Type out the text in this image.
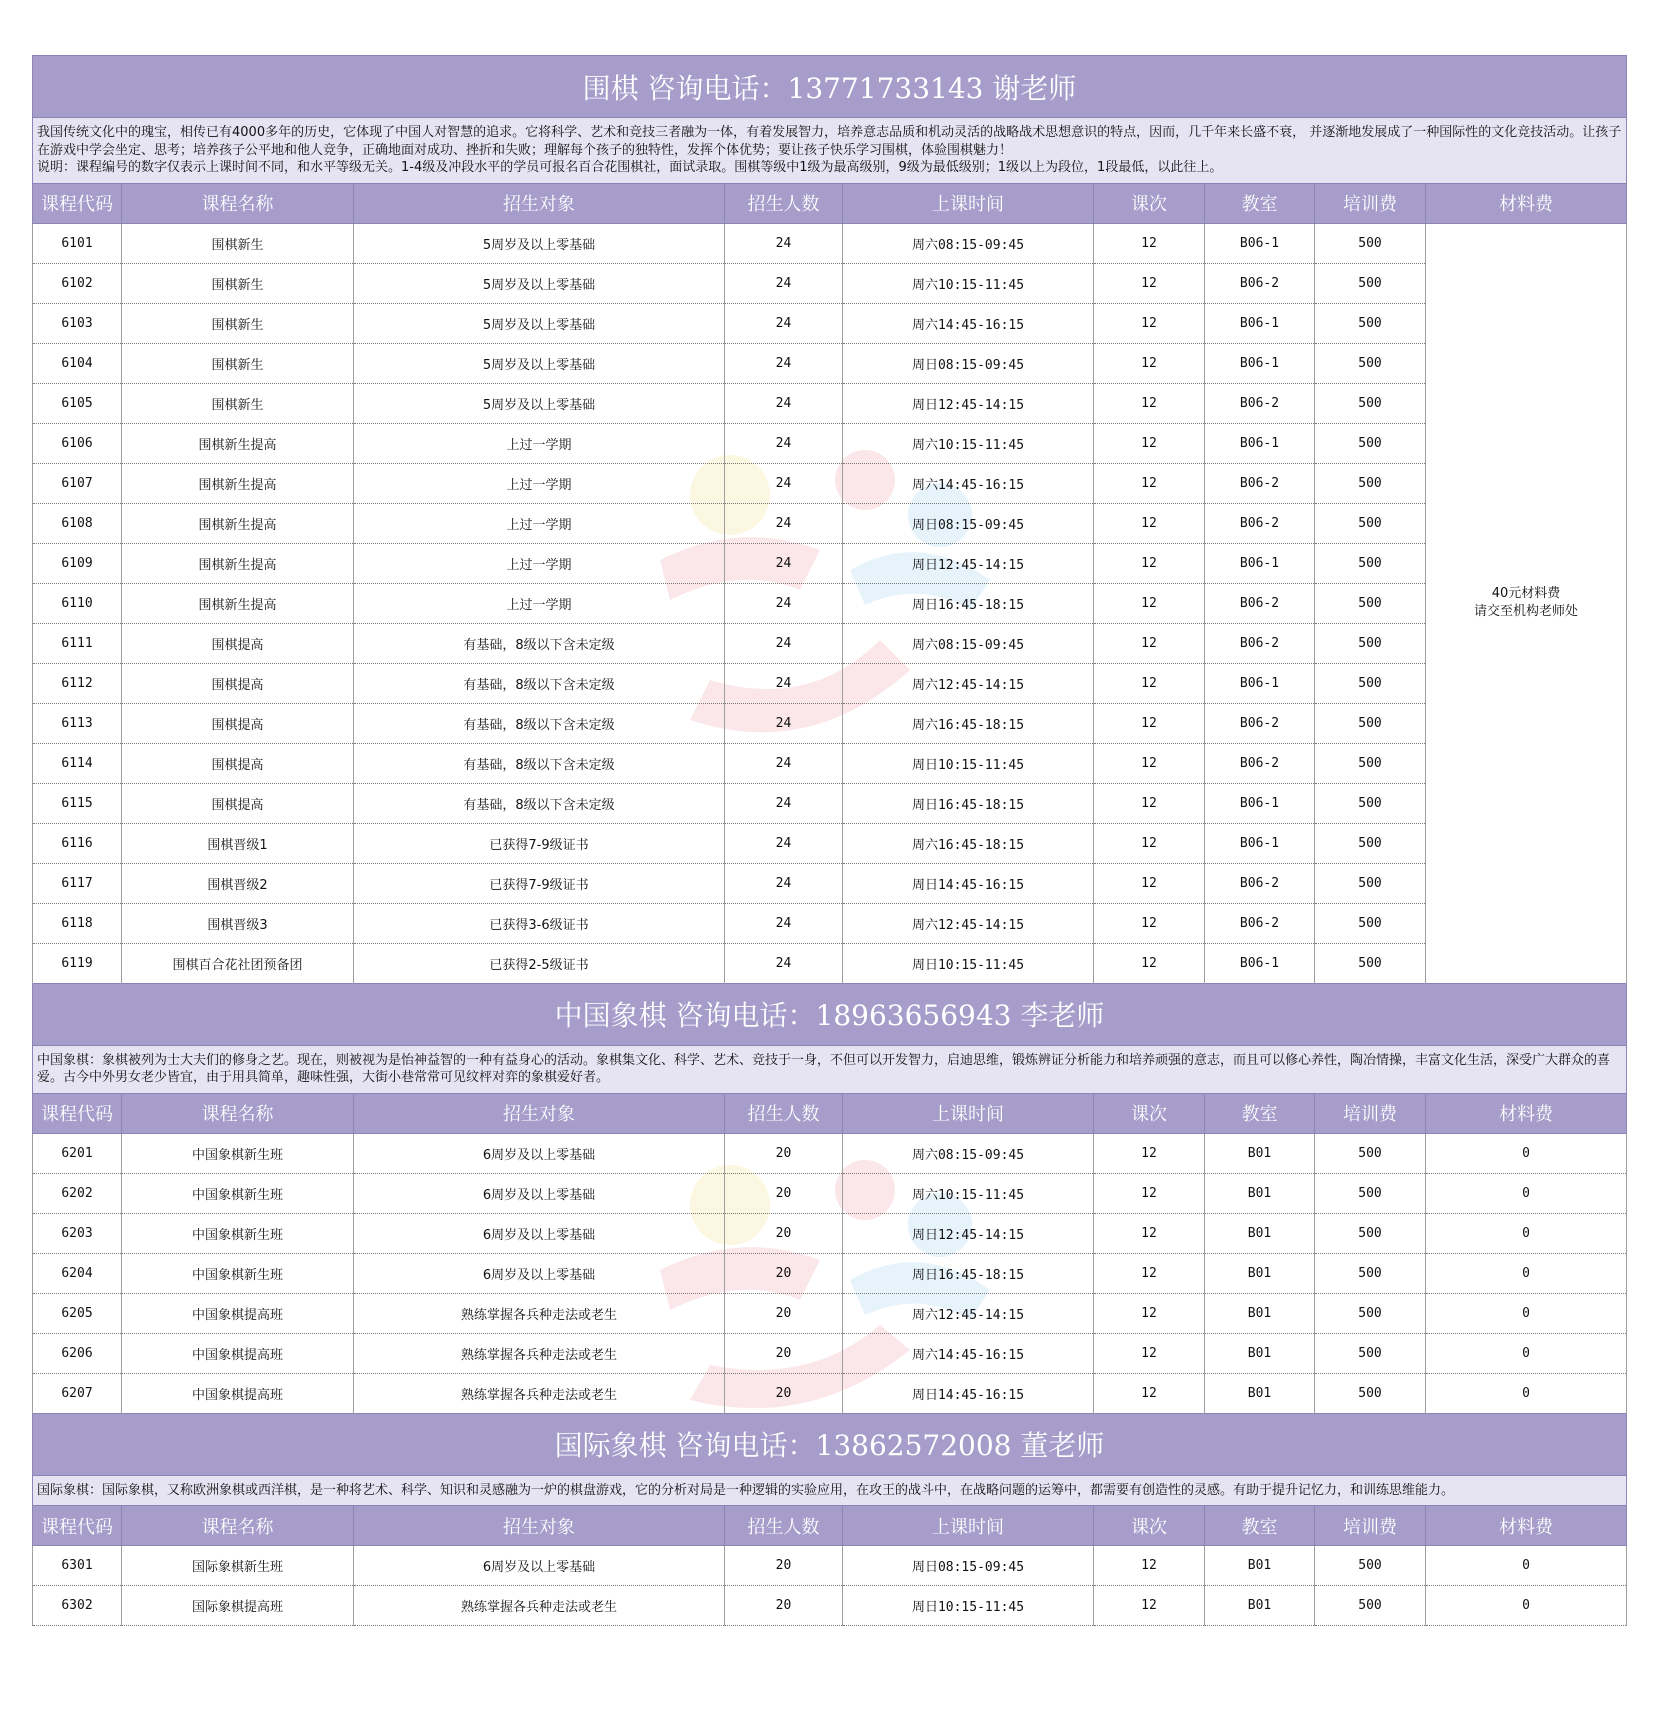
围棋 咨询电话：13771733143 谢老师								

我国传统文化中的瑰宝，相传已有4000多年的历史，它体现了中国人对智慧的追求。它将科学、艺术和竞技三者融为一体，有着发展智力，培养意志品质和机动灵活的战略战术思想意识的特点，因而，几千年来长盛不衰， 并逐渐地发展成了一种国际性的文化竞技活动。让孩子在游戏中学会坐定、思考；培养孩子公平地和他人竞争，正确地面对成功、挫折和失败；理解每个孩子的独特性，发挥个体优势；要让孩子快乐学习围棋，体验围棋魅力！
说明：课程编号的数字仅表示上课时间不同，和水平等级无关。1-4级及冲段水平的学员可报名百合花围棋社，面试录取。围棋等级中1级为最高级别，9级为最低级别；1级以上为段位，1段最低，以此往上。								

课程代码	课程名称	招生对象	招生人数	上课时间	课次	教室	培训费	材料费
6101	围棋新生	5周岁及以上零基础	24	周六08:15-09:45	12	B06-1	500	40元材料费
请交至机构老师处

6102	围棋新生	5周岁及以上零基础	24	周六10:15-11:45	12	B06-2	500	
6103	围棋新生	5周岁及以上零基础	24	周六14:45-16:15	12	B06-1	500	
6104	围棋新生	5周岁及以上零基础	24	周日08:15-09:45	12	B06-1	500	
6105	围棋新生	5周岁及以上零基础	24	周日12:45-14:15	12	B06-2	500	
6106	围棋新生提高	上过一学期	24	周六10:15-11:45	12	B06-1	500	
6107	围棋新生提高	上过一学期	24	周六14:45-16:15	12	B06-2	500	
6108	围棋新生提高	上过一学期	24	周日08:15-09:45	12	B06-2	500	
6109	围棋新生提高	上过一学期	24	周日12:45-14:15	12	B06-1	500	
6110	围棋新生提高	上过一学期	24	周日16:45-18:15	12	B06-2	500	
6111	围棋提高	有基础，8级以下含未定级	24	周六08:15-09:45	12	B06-2	500	
6112	围棋提高	有基础，8级以下含未定级	24	周六12:45-14:15	12	B06-1	500	
6113	围棋提高	有基础，8级以下含未定级	24	周六16:45-18:15	12	B06-2	500	
6114	围棋提高	有基础，8级以下含未定级	24	周日10:15-11:45	12	B06-2	500	
6115	围棋提高	有基础，8级以下含未定级	24	周日16:45-18:15	12	B06-1	500	
6116	围棋晋级1	已获得7-9级证书	24	周六16:45-18:15	12	B06-1	500	
6117	围棋晋级2	已获得7-9级证书	24	周日14:45-16:15	12	B06-2	500	
6118	围棋晋级3	已获得3-6级证书	24	周六12:45-14:15	12	B06-2	500	
6119	围棋百合花社团预备团	已获得2-5级证书	24	周日10:15-11:45	12	B06-1	500	
中国象棋 咨询电话：18963656943 李老师								

中国象棋：象棋被列为士大夫们的修身之艺。现在，则被视为是怡神益智的一种有益身心的活动。象棋集文化、科学、艺术、竞技于一身，不但可以开发智力，启迪思维，锻炼辨证分析能力和培养顽强的意志，而且可以修心养性，陶冶情操，丰富文化生活，深受广大群众的喜爱。古今中外男女老少皆宜，由于用具简单，趣味性强，大街小巷常常可见纹枰对弈的象棋爱好者。								

课程代码	课程名称	招生对象	招生人数	上课时间	课次	教室	培训费	材料费
6201	中国象棋新生班	6周岁及以上零基础	20	周六08:15-09:45	12	B01	500	0
6202	中国象棋新生班	6周岁及以上零基础	20	周六10:15-11:45	12	B01	500	0
6203	中国象棋新生班	6周岁及以上零基础	20	周日12:45-14:15	12	B01	500	0
6204	中国象棋新生班	6周岁及以上零基础	20	周日16:45-18:15	12	B01	500	0
6205	中国象棋提高班	熟练掌握各兵种走法或老生	20	周六12:45-14:15	12	B01	500	0
6206	中国象棋提高班	熟练掌握各兵种走法或老生	20	周六14:45-16:15	12	B01	500	0
6207	中国象棋提高班	熟练掌握各兵种走法或老生	20	周日14:45-16:15	12	B01	500	0
国际象棋 咨询电话：13862572008 董老师								

国际象棋：国际象棋，又称欧洲象棋或西洋棋，是一种将艺术、科学、知识和灵感融为一炉的棋盘游戏，它的分析对局是一种逻辑的实验应用，在攻王的战斗中，在战略问题的运筹中，都需要有创造性的灵感。有助于提升记忆力，和训练思维能力。								

课程代码	课程名称	招生对象	招生人数	上课时间	课次	教室	培训费	材料费
6301	国际象棋新生班	6周岁及以上零基础	20	周日08:15-09:45	12	B01	500	0
6302	国际象棋提高班	熟练掌握各兵种走法或老生	20	周日10:15-11:45	12	B01	500	0
